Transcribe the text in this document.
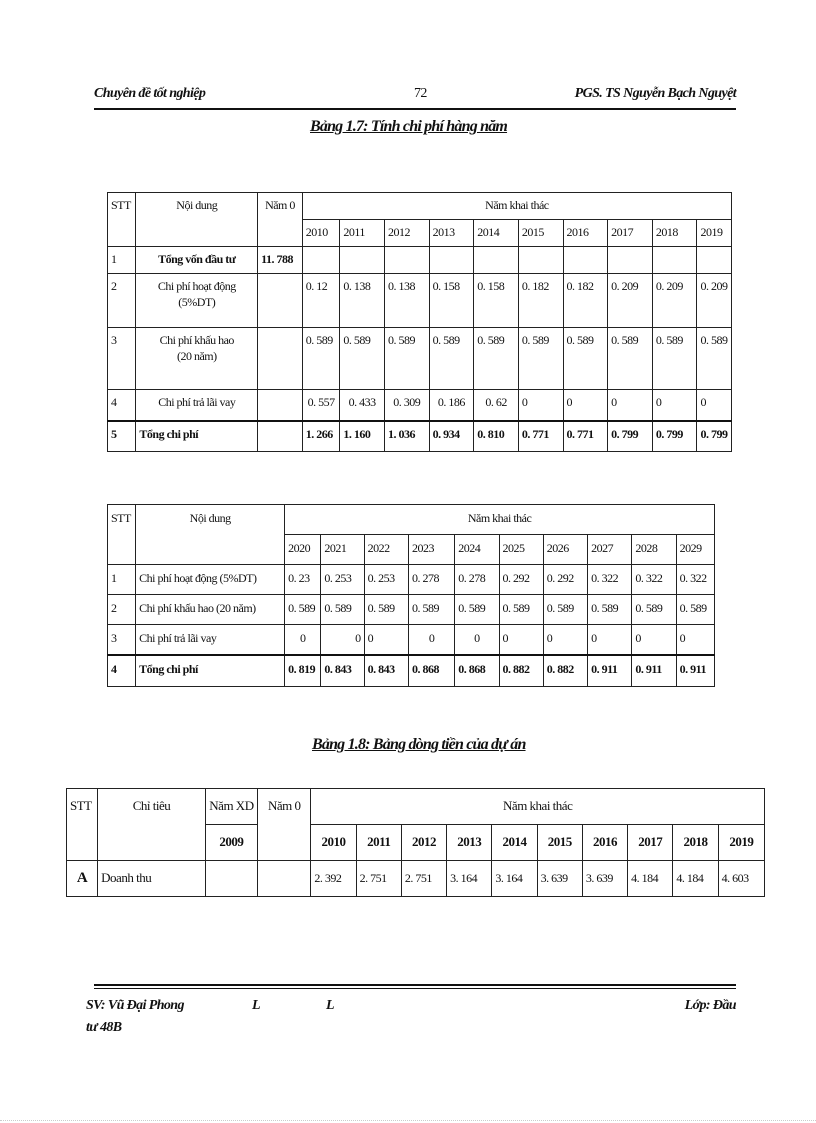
Chuyên đề tốt nghiệp	72	PGS. TS Nguyễn Bạch Nguyệt
Bảng 1.7: Tính chi phí hàng năm
STT	Nội dung	Năm 0	Năm khai thác									
			2010	2011	2012	2013	2014	2015	2016	2017	2018	2019
1	Tổng vốn đầu tư	11. 788										
2	Chi phí hoạt động
(5%DT)		0. 12	0. 138	0. 138	0. 158	0. 158	0. 182	0. 182	0. 209	0. 209	0. 209
3	Chi phí khấu hao
(20 năm)		0. 589	0. 589	0. 589	0. 589	0. 589	0. 589	0. 589	0. 589	0. 589	0. 589
4	Chi phí trả lãi vay		0. 557	0. 433	0. 309	0. 186	0. 62	0	0	0	0	0
5	Tổng chi phí		1. 266	1. 160	1. 036	0. 934	0. 810	0. 771	0. 771	0. 799	0. 799	0. 799
STT	Nội dung	Năm khai thác									
		2020	2021	2022	2023	2024	2025	2026	2027	2028	2029
1	Chi phí hoạt động (5%DT)	0. 23	0. 253	0. 253	0. 278	0. 278	0. 292	0. 292	0. 322	0. 322	0. 322
2	Chi phí khấu hao (20 năm)	0. 589	0. 589	0. 589	0. 589	0. 589	0. 589	0. 589	0. 589	0. 589	0. 589
3	Chi phí trả lãi vay	0	0	0	0	0	0	0	0	0	0
4	Tổng chi phí	0. 819	0. 843	0. 843	0. 868	0. 868	0. 882	0. 882	0. 911	0. 911	0. 911
Bảng 1.8: Bảng dòng tiền của dự án
STT	Chỉ tiêu	Năm XD	Năm 0	Năm khai thác									
		2009		2010	2011	2012	2013	2014	2015	2016	2017	2018	2019
A	Doanh thu			2. 392	2. 751	2. 751	3. 164	3. 164	3. 639	3. 639	4. 184	4. 184	4. 603
SV: Vũ Đại Phong
tư 48B
L	L	Lớp: Đầu
